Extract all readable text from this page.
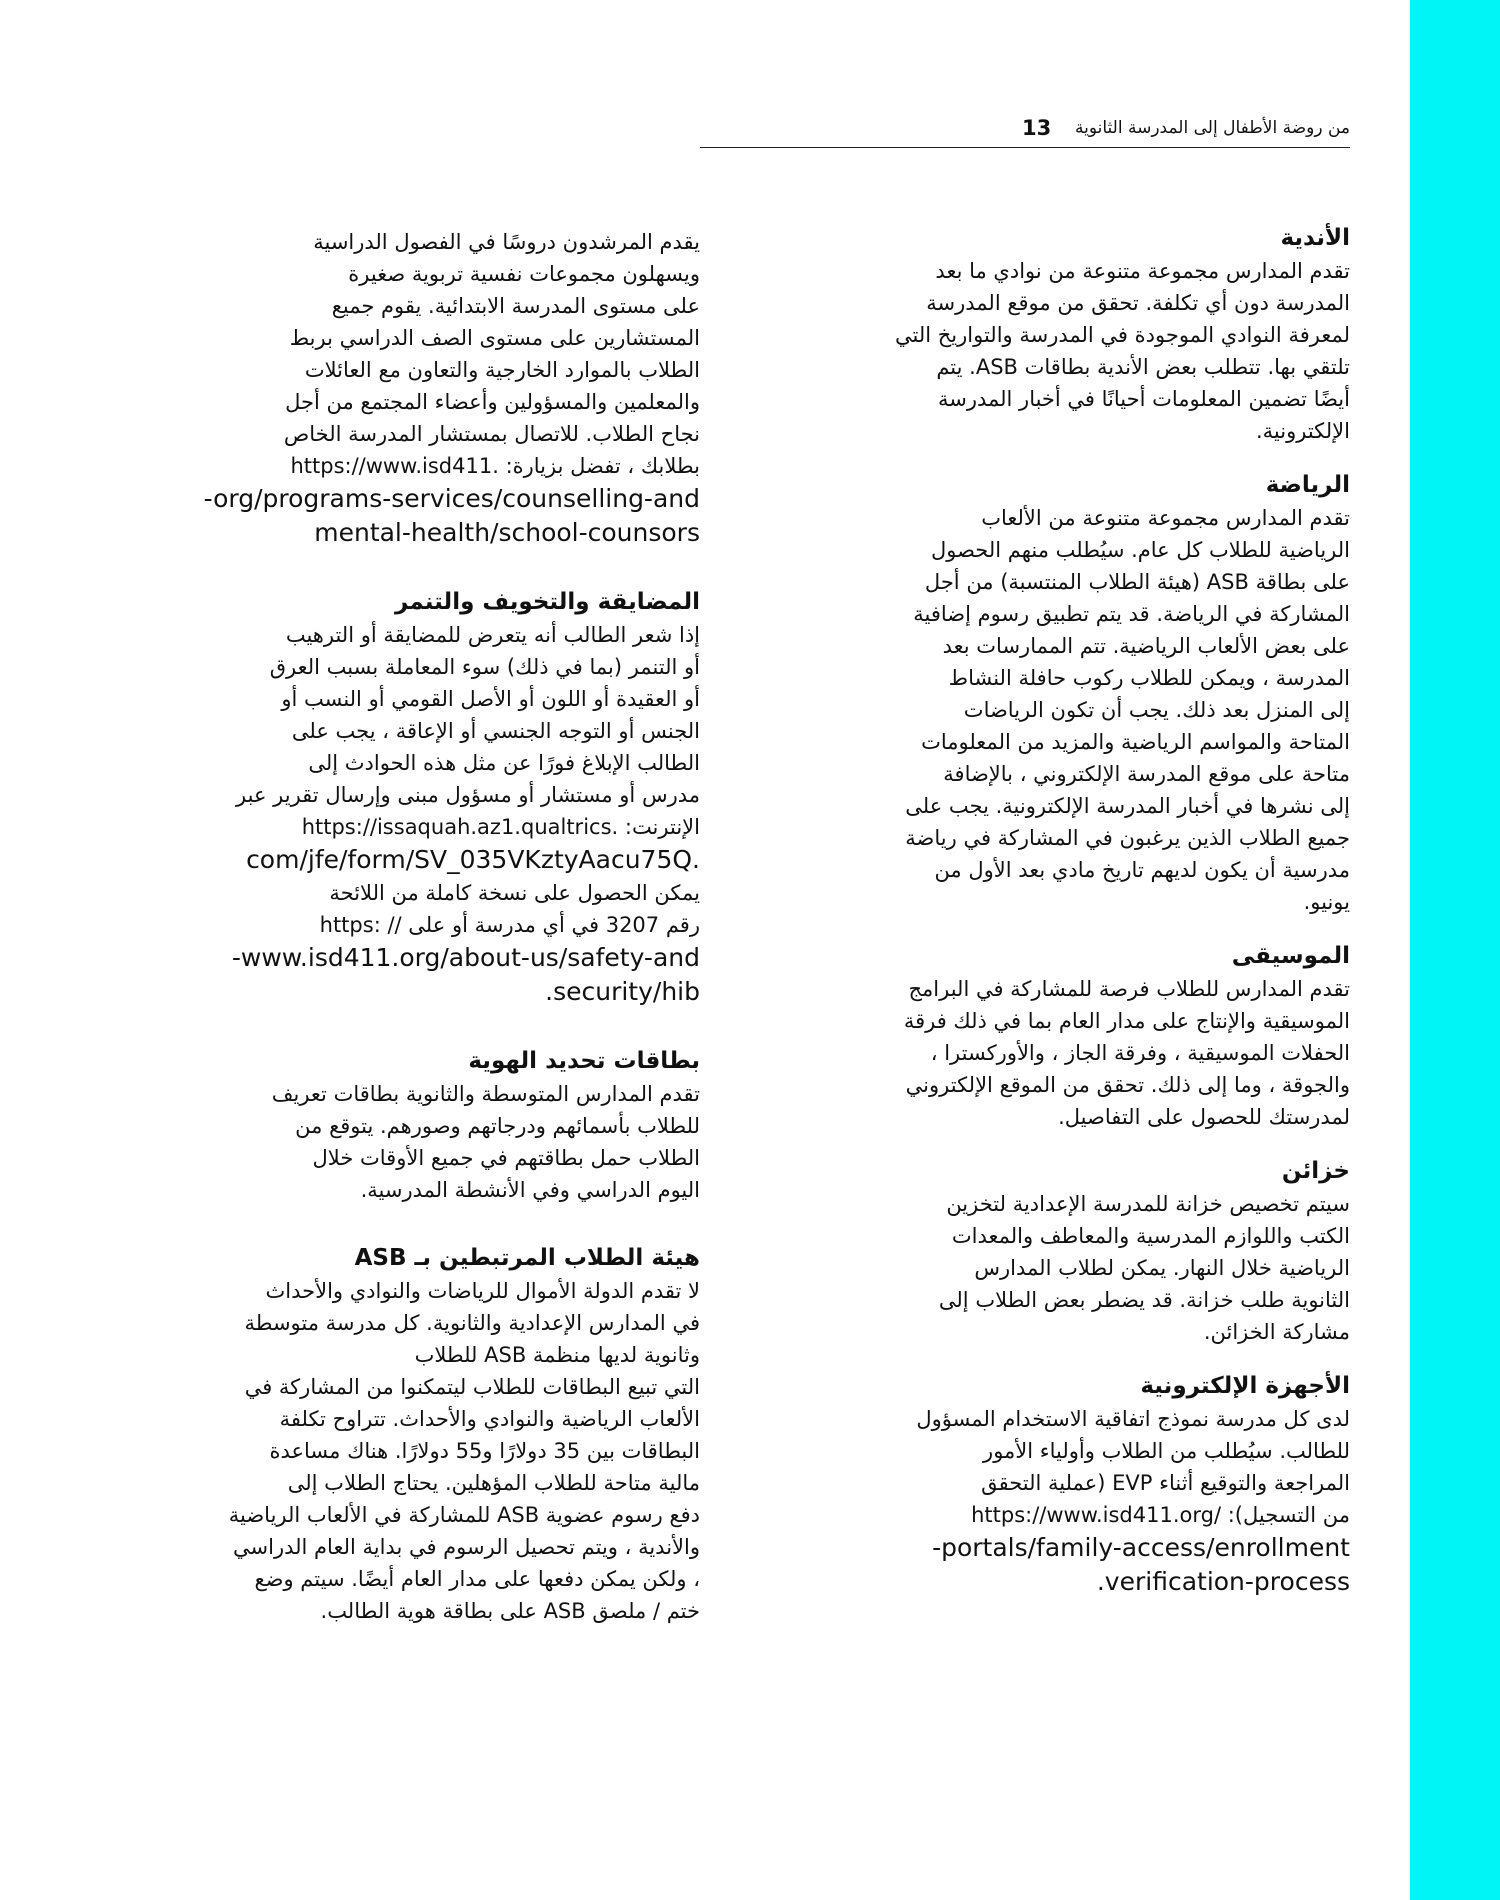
من روضة الأطفال إلى المدرسة الثانوية
13
الأندية
تقدم المدارس مجموعة متنوعة من نوادي ما بعد
المدرسة دون أي تكلفة. تحقق من موقع المدرسة
لمعرفة النوادي الموجودة في المدرسة والتواريخ التي
تلتقي بها. تتطلب بعض الأندية بطاقات ASB. يتم
أيضًا تضمين المعلومات أحيانًا في أخبار المدرسة
الإلكترونية.
الرياضة
تقدم المدارس مجموعة متنوعة من الألعاب
الرياضية للطلاب كل عام. سيُطلب منهم الحصول
على بطاقة ASB (هيئة الطلاب المنتسبة) من أجل
المشاركة في الرياضة. قد يتم تطبيق رسوم إضافية
على بعض الألعاب الرياضية. تتم الممارسات بعد
المدرسة ، ويمكن للطلاب ركوب حافلة النشاط
إلى المنزل بعد ذلك. يجب أن تكون الرياضات
المتاحة والمواسم الرياضية والمزيد من المعلومات
متاحة على موقع المدرسة الإلكتروني ، بالإضافة
إلى نشرها في أخبار المدرسة الإلكترونية. يجب على
جميع الطلاب الذين يرغبون في المشاركة في رياضة
مدرسية أن يكون لديهم تاريخ مادي بعد الأول من
يونيو.
الموسيقى
تقدم المدارس للطلاب فرصة للمشاركة في البرامج
الموسيقية والإنتاج على مدار العام بما في ذلك فرقة
الحفلات الموسيقية ، وفرقة الجاز ، والأوركسترا ،
والجوقة ، وما إلى ذلك. تحقق من الموقع الإلكتروني
لمدرستك للحصول على التفاصيل.
خزائن
سيتم تخصيص خزانة للمدرسة الإعدادية لتخزين
الكتب واللوازم المدرسية والمعاطف والمعدات
الرياضية خلال النهار. يمكن لطلاب المدارس
الثانوية طلب خزانة. قد يضطر بعض الطلاب إلى
مشاركة الخزائن.
الأجهزة الإلكترونية
لدى كل مدرسة نموذج اتفاقية الاستخدام المسؤول
للطالب. سيُطلب من الطلاب وأولياء الأمور
المراجعة والتوقيع أثناء EVP (عملية التحقق
من التسجيل): /https://www.isd411.org
-portals/family-access/enrollment
.verification-process
يقدم المرشدون دروسًا في الفصول الدراسية
ويسهلون مجموعات نفسية تربوية صغيرة
على مستوى المدرسة الابتدائية. يقوم جميع
المستشارين على مستوى الصف الدراسي بربط
الطلاب بالموارد الخارجية والتعاون مع العائلات
والمعلمين والمسؤولين وأعضاء المجتمع من أجل
نجاح الطلاب. للاتصال بمستشار المدرسة الخاص
بطلابك ، تفضل بزيارة: .https://www.isd411
-org/programs-services/counselling-and
mental-health/school-counsors
المضايقة والتخويف والتنمر
إذا شعر الطالب أنه يتعرض للمضايقة أو الترهيب
أو التنمر (بما في ذلك) سوء المعاملة بسبب العرق
أو العقيدة أو اللون أو الأصل القومي أو النسب أو
الجنس أو التوجه الجنسي أو الإعاقة ، يجب على
الطالب الإبلاغ فورًا عن مثل هذه الحوادث إلى
مدرس أو مستشار أو مسؤول مبنى وإرسال تقرير عبر
الإنترنت: .https://issaquah.az1.qualtrics
com/jfe/form/SV_035VKztyAacu75Q.
يمكن الحصول على نسخة كاملة من اللائحة
رقم 3207 في أي مدرسة أو على // :https
-www.isd411.org/about-us/safety-and
.security/hib
بطاقات تحديد الهوية
تقدم المدارس المتوسطة والثانوية بطاقات تعريف
للطلاب بأسمائهم ودرجاتهم وصورهم. يتوقع من
الطلاب حمل بطاقتهم في جميع الأوقات خلال
اليوم الدراسي وفي الأنشطة المدرسية.
هيئة الطلاب المرتبطين بـ ASB
لا تقدم الدولة الأموال للرياضات والنوادي والأحداث
في المدارس الإعدادية والثانوية. كل مدرسة متوسطة
وثانوية لديها منظمة ASB للطلاب
التي تبيع البطاقات للطلاب ليتمكنوا من المشاركة في
الألعاب الرياضية والنوادي والأحداث. تتراوح تكلفة
البطاقات بين 35 دولارًا و55 دولارًا. هناك مساعدة
مالية متاحة للطلاب المؤهلين. يحتاج الطلاب إلى
دفع رسوم عضوية ASB للمشاركة في الألعاب الرياضية
والأندية ، ويتم تحصيل الرسوم في بداية العام الدراسي
، ولكن يمكن دفعها على مدار العام أيضًا. سيتم وضع
ختم / ملصق ASB على بطاقة هوية الطالب.
